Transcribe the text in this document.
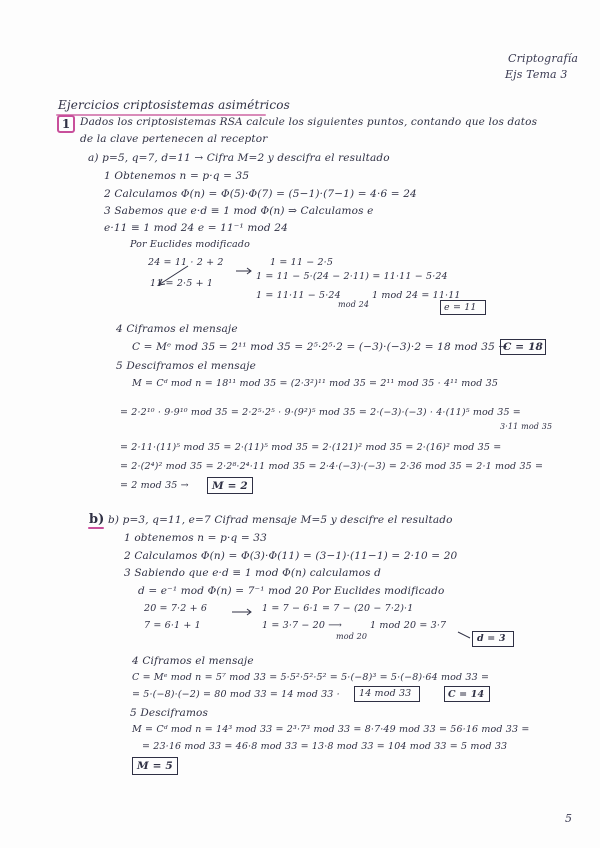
Criptografía
Ejs Tema 3
Ejercicios criptosistemas asimétricos
1 Dados los criptosistemas RSA calcule los siguientes puntos, contando que los datos
de la clave pertenecen al receptor
a) p=5, q=7, d=11 → Cifra M=2 y descifra el resultado
1 Obtenemos n = p·q = 35
2 Calculamos Φ(n) = Φ(5)·Φ(7) = (5−1)·(7−1) = 4·6 = 24
3 Sabemos que e·d ≡ 1 mod Φ(n) ⇒ Calculamos e
e·11 ≡ 1 mod 24 e = 11⁻¹ mod 24
Por Euclides modificado
24 = 11 · 2 + 2
11 = 2·5 + 1
1 = 11 − 2·5
1 = 11 − 5·(24 − 2·11) = 11·11 − 5·24
1 = 11·11 − 5·24
mod 24
1 mod 24 = 11·11
e = 11
4 Ciframos el mensaje
C = Mᵉ mod 35 = 2¹¹ mod 35 = 2⁵·2⁵·2 = (−3)·(−3)·2 = 18 mod 35 →
C = 18
5 Desciframos el mensaje
M = Cᵈ mod n = 18¹¹ mod 35 = (2·3²)¹¹ mod 35 = 2¹¹ mod 35 · 4¹¹ mod 35
= 2·2¹⁰ · 9·9¹⁰ mod 35 = 2·2⁵·2⁵ · 9·(9²)⁵ mod 35 = 2·(−3)·(−3) · 4·(11)⁵ mod 35 =
3·11 mod 35
= 2·11·(11)⁵ mod 35 = 2·(11)⁵ mod 35 = 2·(121)² mod 35 = 2·(16)² mod 35 =
= 2·(2⁴)² mod 35 = 2·2⁸·2⁴·11 mod 35 = 2·4·(−3)·(−3) = 2·36 mod 35 = 2·1 mod 35 =
= 2 mod 35 → M = 2
b) b) p=3, q=11, e=7 Cifrad mensaje M=5 y descifre el resultado
1 obtenemos n = p·q = 33
2 Calculamos Φ(n) = Φ(3)·Φ(11) = (3−1)·(11−1) = 2·10 = 20
3 Sabiendo que e·d ≡ 1 mod Φ(n) calculamos d
d = e⁻¹ mod Φ(n) = 7⁻¹ mod 20 Por Euclides modificado
20 = 7·2 + 6
7 = 6·1 + 1
1 = 7 − 6·1 = 7 − (20 − 7·2)·1
1 = 3·7 − 20 ⟶
mod 20
1 mod 20 = 3·7
d = 3
4 Ciframos el mensaje
C = Mᵉ mod n = 5⁷ mod 33 = 5·5²·5²·5² = 5·(−8)³ = 5·(−8)·64 mod 33 =
= 5·(−8)·(−2) = 80 mod 33 = 14 mod 33 · 14 mod 33	C = 14
5 Desciframos
M = Cᵈ mod n = 14³ mod 33 = 2³·7³ mod 33 = 8·7·49 mod 33 = 56·16 mod 33 =
= 23·16 mod 33 = 46·8 mod 33 = 13·8 mod 33 = 104 mod 33 = 5 mod 33
M = 5
5
